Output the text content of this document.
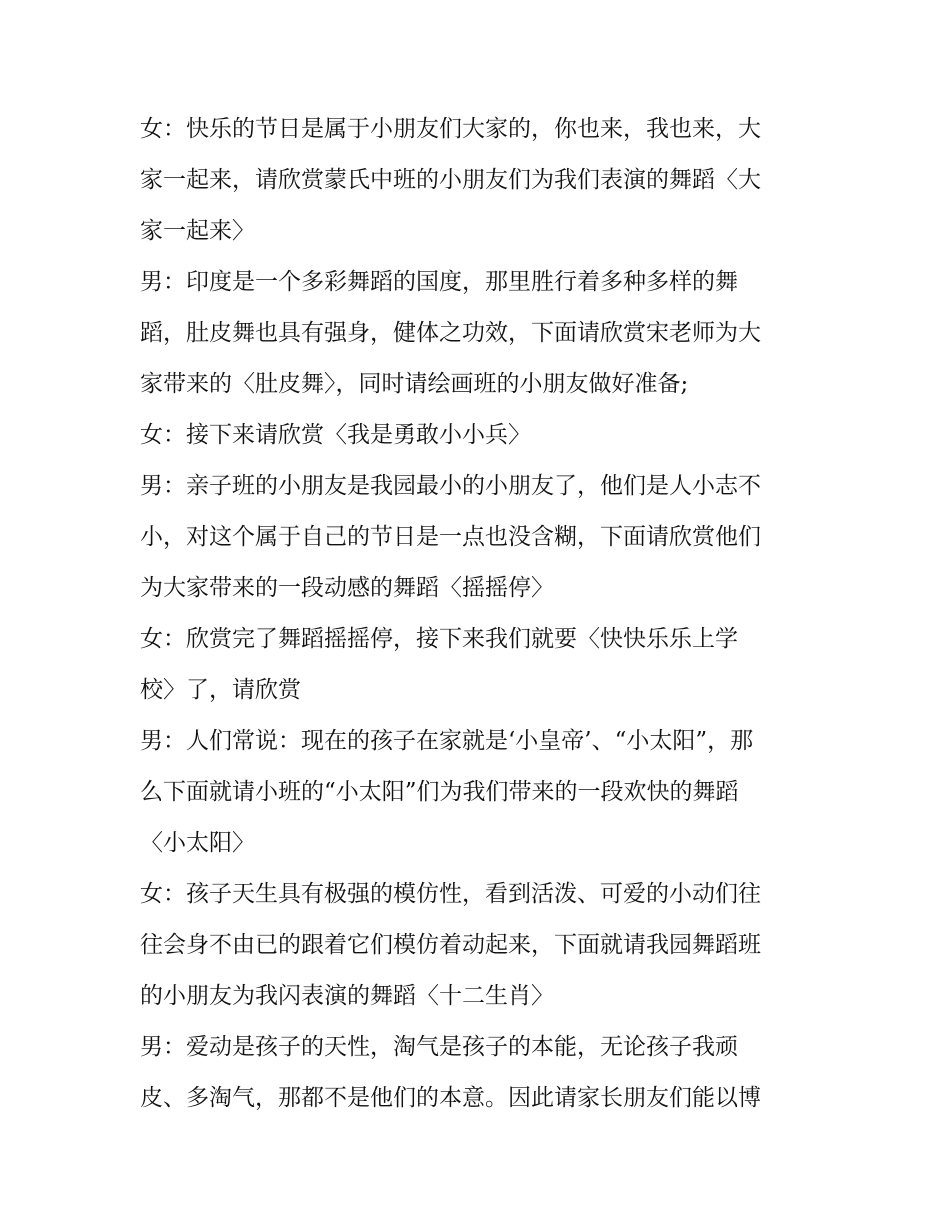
女：快乐的节日是属于小朋友们大家的，你也来，我也来，大
家一起来，请欣赏蒙氏中班的小朋友们为我们表演的舞蹈〈大
家一起来〉
男：印度是一个多彩舞蹈的国度，那里胜行着多种多样的舞
蹈，肚皮舞也具有强身，健体之功效，下面请欣赏宋老师为大
家带来的〈肚皮舞〉，同时请绘画班的小朋友做好准备;
女：接下来请欣赏〈我是勇敢小小兵〉
男：亲子班的小朋友是我园最小的小朋友了，他们是人小志不
小，对这个属于自己的节日是一点也没含糊，下面请欣赏他们
为大家带来的一段动感的舞蹈〈摇摇停〉
女：欣赏完了舞蹈摇摇停，接下来我们就要〈快快乐乐上学
校〉了，请欣赏
男：人们常说：现在的孩子在家就是‘小皇帝’、“小太阳”，那
么下面就请小班的“小太阳”们为我们带来的一段欢快的舞蹈
〈小太阳〉
女：孩子天生具有极强的模仿性，看到活泼、可爱的小动们往
往会身不由已的跟着它们模仿着动起来，下面就请我园舞蹈班
的小朋友为我闪表演的舞蹈〈十二生肖〉
男：爱动是孩子的天性，淘气是孩子的本能，无论孩子我顽
皮、多淘气，那都不是他们的本意。因此请家长朋友们能以博
